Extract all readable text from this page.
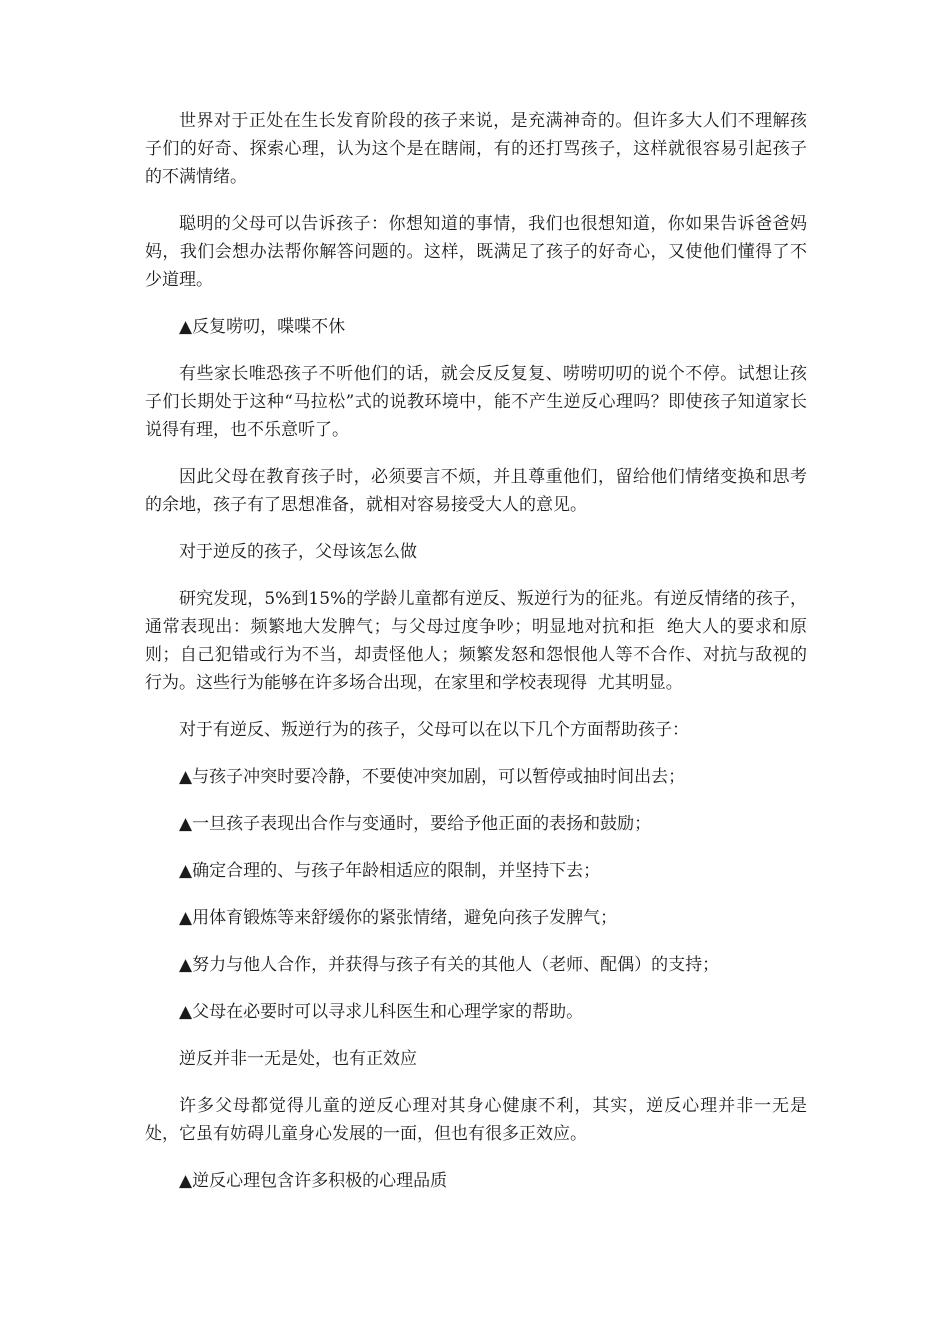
世界对于正处在生长发育阶段的孩子来说，是充满神奇的。但许多大人们不理解孩子们的好奇、探索心理，认为这个是在瞎闹，有的还打骂孩子，这样就很容易引起孩子的不满情绪。

聪明的父母可以告诉孩子：你想知道的事情，我们也很想知道，你如果告诉爸爸妈妈，我们会想办法帮你解答问题的。这样，既满足了孩子的好奇心，又使他们懂得了不少道理。

▲反复唠叨，喋喋不休

有些家长唯恐孩子不听他们的话，就会反反复复、唠唠叨叨的说个不停。试想让孩子们长期处于这种“马拉松”式的说教环境中，能不产生逆反心理吗？即使孩子知道家长说得有理，也不乐意听了。

因此父母在教育孩子时，必须要言不烦，并且尊重他们，留给他们情绪变换和思考的余地，孩子有了思想准备，就相对容易接受大人的意见。

对于逆反的孩子，父母该怎么做

研究发现，5%到15%的学龄儿童都有逆反、叛逆行为的征兆。有逆反情绪的孩子，通常表现出：频繁地大发脾气；与父母过度争吵；明显地对抗和拒  绝大人的要求和原则；自己犯错或行为不当，却责怪他人；频繁发怒和怨恨他人等不合作、对抗与敌视的行为。这些行为能够在许多场合出现，在家里和学校表现得  尤其明显。

对于有逆反、叛逆行为的孩子，父母可以在以下几个方面帮助孩子：

▲与孩子冲突时要冷静，不要使冲突加剧，可以暂停或抽时间出去；

▲一旦孩子表现出合作与变通时，要给予他正面的表扬和鼓励；

▲确定合理的、与孩子年龄相适应的限制，并坚持下去；

▲用体育锻炼等来舒缓你的紧张情绪，避免向孩子发脾气；

▲努力与他人合作，并获得与孩子有关的其他人（老师、配偶）的支持；

▲父母在必要时可以寻求儿科医生和心理学家的帮助。

逆反并非一无是处，也有正效应

许多父母都觉得儿童的逆反心理对其身心健康不利，其实，逆反心理并非一无是处，它虽有妨碍儿童身心发展的一面，但也有很多正效应。

▲逆反心理包含许多积极的心理品质
